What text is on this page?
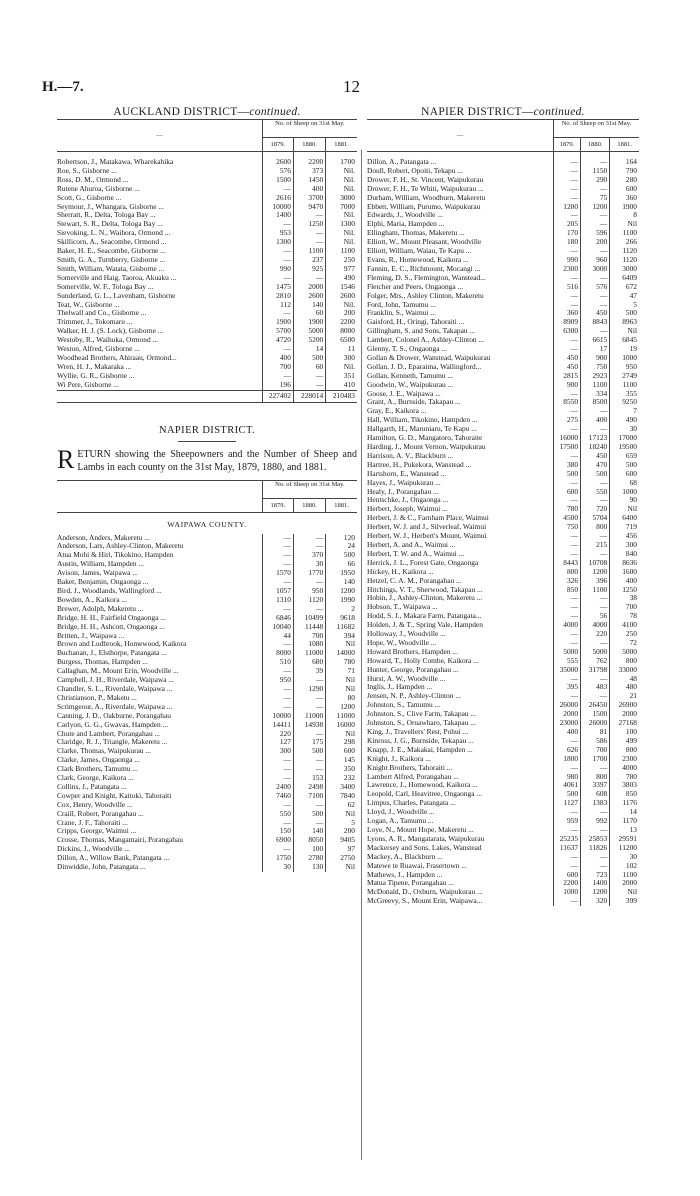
H.—7.	12
AUCKLAND DISTRICT—continued.
—	No. of Sheep on 31st May.		
	1879.	1880.	1881.
Robertson, J., Matakawa, Wharekahika	2600	2200	1700
Roe, S., Gisborne ...	576	373	Nil.
Ross, D. M., Ormond ...	1500	1450	Nil.
Rutene Ahuroa, Gisborne ...	—	400	Nil.
Scott, G., Gisborne ...	2616	3700	3000
Seymour, J., Whangara, Gisborne ...	10000	9470	7000
Sherratt, R., Delta, Tologa Bay ...	1400	—	Nil.
Stewart, S. R., Delta, Tologa Bay ...	—	1250	1300
Sievoking, L. N., Waihora, Ormond ...	953	—	Nil.
Skillicorn, A., Seacombe, Ormond ...	1300	—	Nil.
Baker, H. E., Seacombe, Gisborne ...	—	1100	1100
Smith, G. A., Turnberry, Gisborne ...	—	237	250
Smith, William, Watata, Gisborne ...	990	925	977
Somerville and Haig, Taoroa, Akuaku ...	—	—	490
Somerville, W. F., Tologa Bay ...	1475	2000	1546
Sunderland, G. L., Lavenham, Gisborne	2810	2600	2600
Teat, W., Gisborne ...	112	140	Nil.
Thelwall and Co., Gisborne ...	—	60	200
Trimmer, J., Tokomaru ...	1900	1900	2200
Walker, H. J. (S. Lock), Gisborne ...	5700	5000	8000
Westoby, R., Waihuka, Ormond ...	4720	5200	6500
Weston, Alfred, Gisborne ...	—	14	11
Woodhead Brothers, Ahiraau, Ormond...	400	500	300
Wren, H. J., Makaraka ...	700	60	Nil.
Wyllie, G. R., Gisborne ...	—	—	351
Wi Pere, Gisborne ...	196	—	410
	227402	228014	210483
NAPIER DISTRICT.
RETURN showing the Sheepowners and the Number of Sheep and Lambs in each county on the 31st May, 1879, 1880, and 1881.
	No. of Sheep on 31st May.		
	1879.	1880.	1881.
WAIPAWA COUNTY.			
Anderson, Anders, Makeretu ...	—	—	120
Anderson, Lars, Ashley-Clinton, Makeretu	—	—	24
Atua Mohi & Hiri, Tikokino, Hampden	—	370	500
Austin, William, Hampden ...	—	30	66
Avison, James, Waipawa ...	1570	1770	1950
Baker, Benjamin, Ongaonga ...	—	—	140
Bird, J., Woodlands, Wallingford ...	1057	950	1200
Bowden, A., Kaikora ...	1310	1120	1990
Brewer, Adolph, Makeretu ...	—	—	2
Bridge, H. H., Fairfield Ongaonga ...	6846	10499	9618
Bridge, H. H., Ashcott, Ongaonga ...	10040	11448	11682
Britten, J., Waipawa ...	44	700	394
Brown and Ludbrook, Homewood, Kaikora	—	1080	Nil
Buchanan, J., Elsthorpe, Patangata ...	8000	11000	14000
Burgess, Thomas, Hampden ...	510	680	780
Callaghan, M., Mount Erin, Woodville ...	—	39	71
Campbell, J. H., Riverdale, Waipawa ...	950	—	Nil
Chandler, S. L., Riverdale, Waipawa ...	—	1290	Nil
Christianson, P., Maketu ...	—	—	80
Scrimgeour, A., Riverdale, Waipawa ...	—	—	1200
Canning, J. D., Oakburne, Porangahau	10000	11000	11000
Carlyon, G. G., Gwavas, Hampden ...	14411	14938	16000
Chute and Lambert, Porangahau ...	220	—	Nil
Claridge, R. J., Triangle, Makeretu ...	127	175	298
Clarke, Thomas, Waipukurau ...	300	500	600
Clarke, James, Ongaonga ...	—	—	145
Clark Brothers, Tamumu ...	—	—	350
Clark, George, Kaikora ...	—	153	232
Collins, J., Patangata ...	2400	2498	3400
Cowper and Knight, Kaitoki, Tahoraiti	7460	7100	7840
Cox, Henry, Woodville ...	—	—	62
Craill, Robert, Porangahau ...	550	500	Nil
Crane, J. F., Tahoraiti ...	—	—	5
Cripps, George, Waimui ...	150	140	200
Crosse, Thomas, Mangamairi, Porangahau	6900	8050	9405
Dickins, J., Woodville ...	—	100	97
Dillon, A., Willow Bank, Patangata ...	1750	2780	2750
Dinwiddie, John, Patangata ...	30	130	Nil
NAPIER DISTRICT—continued.
—	No. of Sheep on 31st May.		
	1879.	1880.	1881.
Dillon, A., Patangata ...	—	—	164
Doull, Robert, Opoiti, Tekapu ...	—	1150	790
Drower, F. H., St. Vincent, Waipukurau	—	290	280
Drower, F. H., Te Whiti, Waipukurau ...	—	—	600
Durham, William, Woodburn, Makeretu	—	75	360
Ebbett, William, Purumo, Waipukurau	1200	1200	1900
Edwards, J., Woodville ...	—	—	8
Elphi, Maria, Hampden ...	205	—	Nil
Ellingham, Thomas, Makeretu ...	170	596	1100
Elliott, W., Mount Pleasant, Woodville	180	200	266
Elliott, William, Waiau, Te Kapu ...	—	—	1120
Evans, R., Homewood, Kaikora ...	990	960	1120
Fannin, E. C., Richmount, Mocangi ...	2300	3000	3000
Fleming, D. S., Flemington, Wanstead...	—	—	6409
Fletcher and Peers, Ongaonga ...	516	576	672
Folger, Mrs., Ashley Clinton, Makeretu	—	—	47
Ford, John, Tamumu ...	—	—	5
Franklin, S., Waimui ...	360	450	500
Gaisford, H., Oringi, Tahoraiti ...	8909	8843	8963
Gillingham, S. and Sons, Takapau ...	6300	—	Nil
Lambert, Colonel A., Ashley-Clinton ...	—	6615	6845
Glenny, T. S., Ongaonga ...	—	17	19
Gollan & Drower, Wanstead, Waipukurau	450	900	1000
Gollan, J. D., Eparaima, Wallingford...	450	750	950
Gollan, Kenneth, Tamumu ...	2815	2923	2749
Goodwin, W., Waipukurau ...	900	1100	1100
Goose, J. E., Waipawa ...	—	334	355
Grant, A., Burnside, Takapau ...	8550	8500	9250
Gray, E., Kaikora ...	—	—	7
Hall, William, Tikokino, Hampden ...	275	400	490
Hallgarth, H., Maruniaru, Te Kapu ...	—	—	30
Hamilton, G. D., Mangatoro, Tahoraite	16000	17123	17000
Harding, J., Mount Vernon, Waipukurau	17500	18240	19500
Harrison, A. V., Blackburn ...	—	450	659
Hartree, H., Pukekora, Wanstead ...	380	470	500
Hartshorn, E., Wanstead ...	500	500	600
Hayes, J., Waipukurau ...	—	—	68
Healy, J., Porangahau ...	600	550	1000
Hentschke, J., Ongaonga ...	—	—	90
Herbert, Joseph, Waimui ...	780	720	Nil
Herbert, J. & C., Farnham Place, Waimui	4500	5704	6400
Herbert, W. J. and J., Silverleaf, Waimui	750	800	719
Herbert, W. J., Herbert's Mount, Waimui	—	—	456
Herbert, A. and A., Waimui ...	—	215	300
Herbert, T. W. and A., Waimui ...	—	—	840
Herrick, J. L., Forest Gate, Ongaonga	8443	10708	8636
Hickey, H., Kaikora ...	800	1200	1600
Hetzel, C. A. M., Porangahau ...	326	396	400
Hitchings, V. T., Sherwood, Takapau ...	850	1100	1250
Hobin, J., Ashley-Clinton, Makeretu ...	—	—	38
Hobson, T., Waipawa ...	—	—	700
Hodd, S. J., Makara Farm, Patangata...	—	56	78
Holden, J. & T., Spring Vale, Hampden	4000	4000	4100
Holloway, J., Woodville ...	—	220	250
Hope, W., Woodville ...	—	—	72
Howard Brothers, Hampden ...	5000	5000	5000
Howard, T., Holly Combe, Kaikora ...	555	762	800
Hunter, George, Porangahau ...	35000	31798	33000
Hurst, A. W., Woodville ...	—	—	48
Inglis, J., Hampden ...	395	483	480
Jensen, N. P., Ashley-Clinton ...	—	—	21
Johnston, S., Tamumu ...	26000	26450	26900
Johnston, S., Clive Farm, Takapau ...	2000	1500	2000
Johnston, S., Oruawharo, Takapau ...	23000	26000	27168
King, J., Travellers' Rest, Pohui ...	400	81	100
Kinross, J. G., Burnside, Tekapau ...	—	586	499
Knapp, J. E., Makakai, Hampden ...	626	700	800
Knight, J., Kaikora ...	1800	1700	2300
Knight Brothers, Tahoraiti ...	—	—	4000
Lambert Alfred, Porangahau ...	980	800	780
Lawrence, J., Homewood, Kaikora ...	4061	3397	3803
Leopold, Carl, Heavitree, Ongaonga ...	500	608	850
Limpus, Charles, Patangata ...	1127	1383	1176
Lloyd, J., Woodville ...	—	—	14
Logan, A., Tamumu ...	959	992	1170
Loye, N., Mount Hope, Makeretu ...	—	—	13
Lyons, A. R., Mangatarata, Waipukurau	25235	25853	29591
Mackersey and Sons, Lakes, Wanstead	11637	11826	11200
Mackey, A., Blackburn ...	—	—	30
Matewe te Ruawai, Frasertown ...	—	—	102
Mathews, J., Hampden ...	600	723	1100
Matua Tipene, Porangahau ...	2200	1400	2000
McDonald, D., Oxburn, Waipukurau ...	1000	1200	Nil
McGreevy, S., Mount Erin, Waipawa...	—	320	399
